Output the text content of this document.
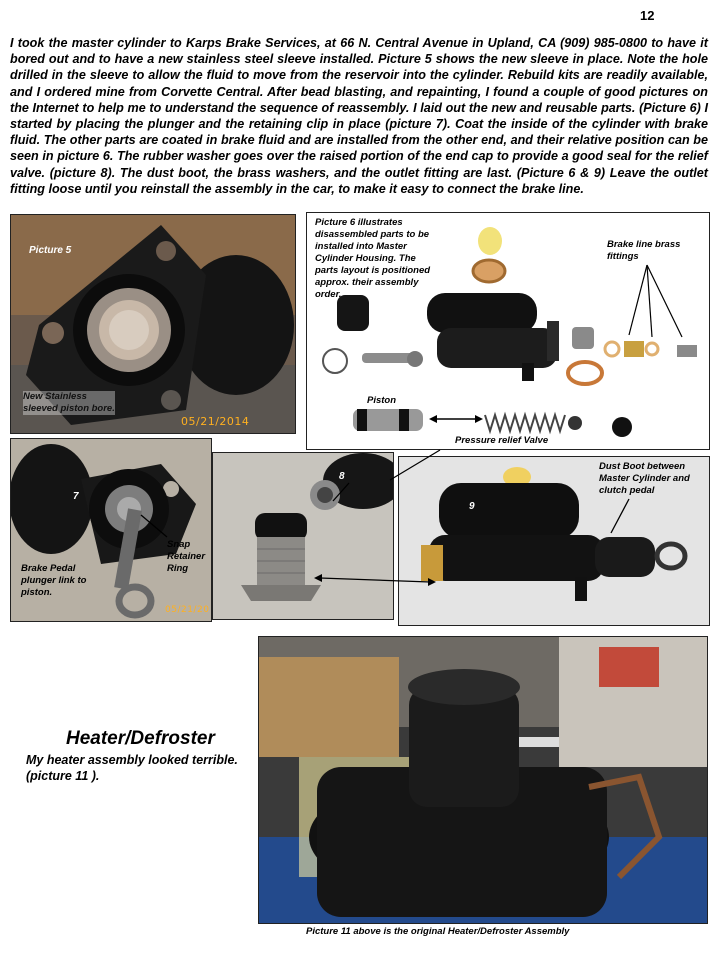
12
I took the master cylinder to Karps Brake Services, at 66 N. Central Avenue in Upland, CA (909) 985-0800 to have it bored out and to have a new stainless steel sleeve installed. Picture 5 shows the new sleeve in place. Note the hole drilled in the sleeve to allow the fluid to move from the reservoir into the cylinder. Rebuild kits are readily available, and I ordered mine from Corvette Central. After bead blasting, and repainting, I found a couple of good pictures on the Internet to help me to understand the sequence of reassembly. I laid out the new and reusable parts. (Picture 6) I started by placing the plunger and the retaining clip in place (picture 7). Coat the inside of the cylinder with brake fluid. The other parts are coated in brake fluid and are installed from the other end, and their relative position can be seen in picture 6. The rubber washer goes over the raised portion of the end cap to provide a good seal for the relief valve. (picture 8). The dust boot, the brass washers, and the outlet fitting are last. (Picture 6 & 9) Leave the outlet fitting loose until you reinstall the assembly in the car, to make it easy to connect the brake line.
Picture 5
New Stainless sleeved piston bore.
05/21/2014
Picture 6 illustrates disassembled parts to be installed into Master Cylinder Housing. The parts layout is positioned approx. their assembly order.
Brake line brass fittings
Piston
Pressure relief Valve
7
Snap Retainer Ring
Brake Pedal plunger link to piston.
05/21/20
8
9
Dust Boot between Master Cylinder and clutch pedal
Heater/Defroster
My heater assembly looked terrible. (picture 11 ).
Picture 11 above is the original Heater/Defroster Assembly
